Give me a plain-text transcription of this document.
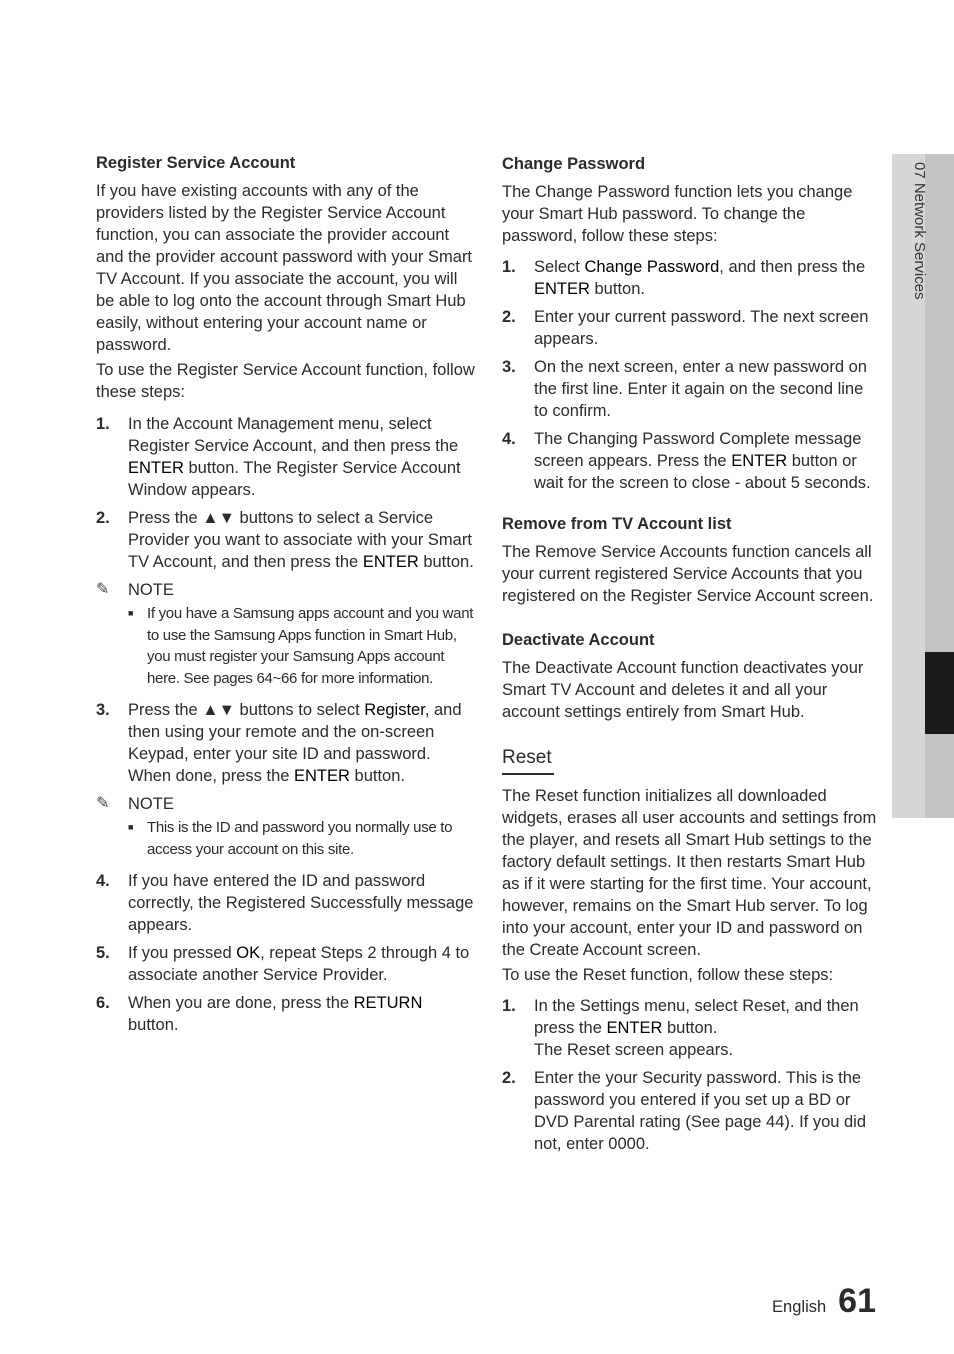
07 Network Services
Register Service Account

If you have existing accounts with any of the providers listed by the Register Service Account function, you can associate the provider account and the provider account password with your Smart TV Account. If you associate the account, you will be able to log onto the account through Smart Hub easily, without entering your account name or password.

To use the Register Service Account function, follow these steps:

1.	In the Account Management menu, select Register Service Account, and then press the ENTER button. The Register Service Account Window appears.
2.	Press the ▲▼ buttons to select a Service Provider you want to associate with your Smart TV Account, and then press the ENTER button.
✎	NOTE
■ If you have a Samsung apps account and you want to use the Samsung Apps function in Smart Hub, you must register your Samsung Apps account here. See pages 64~66 for more information.
3.	Press the ▲▼ buttons to select Register, and then using your remote and the on-screen Keypad, enter your site ID and password. When done, press the ENTER button.
✎	NOTE
■ This is the ID and password you normally use to access your account on this site.
4.	If you have entered the ID and password correctly, the Registered Successfully message appears.
5.	If you pressed OK, repeat Steps 2 through 4 to associate another Service Provider.
6.	When you are done, press the RETURN button.
Change Password

The Change Password function lets you change your Smart Hub password. To change the password, follow these steps:

1.	Select Change Password, and then press the ENTER button.
2.	Enter your current password. The next screen appears.
3.	On the next screen, enter a new password on the first line. Enter it again on the second line to confirm.
4.	The Changing Password Complete message screen appears. Press the ENTER button or wait for the screen to close - about 5 seconds.
Remove from TV Account list

The Remove Service Accounts function cancels all your current registered Service Accounts that you registered on the Register Service Account screen.

Deactivate Account

The Deactivate Account function deactivates your Smart TV Account and deletes it and all your account settings entirely from Smart Hub.

Reset

The Reset function initializes all downloaded widgets, erases all user accounts and settings from the player, and resets all Smart Hub settings to the factory default settings. It then restarts Smart Hub as if it were starting for the first time. Your account, however, remains on the Smart Hub server. To log into your account, enter your ID and password on the Create Account screen.

To use the Reset function, follow these steps:

1.	In the Settings menu, select Reset, and then press the ENTER button.
The Reset screen appears.
2.	Enter the your Security password. This is the password you entered if you set up a BD or DVD Parental rating (See page 44). If you did not, enter 0000.
English 61
